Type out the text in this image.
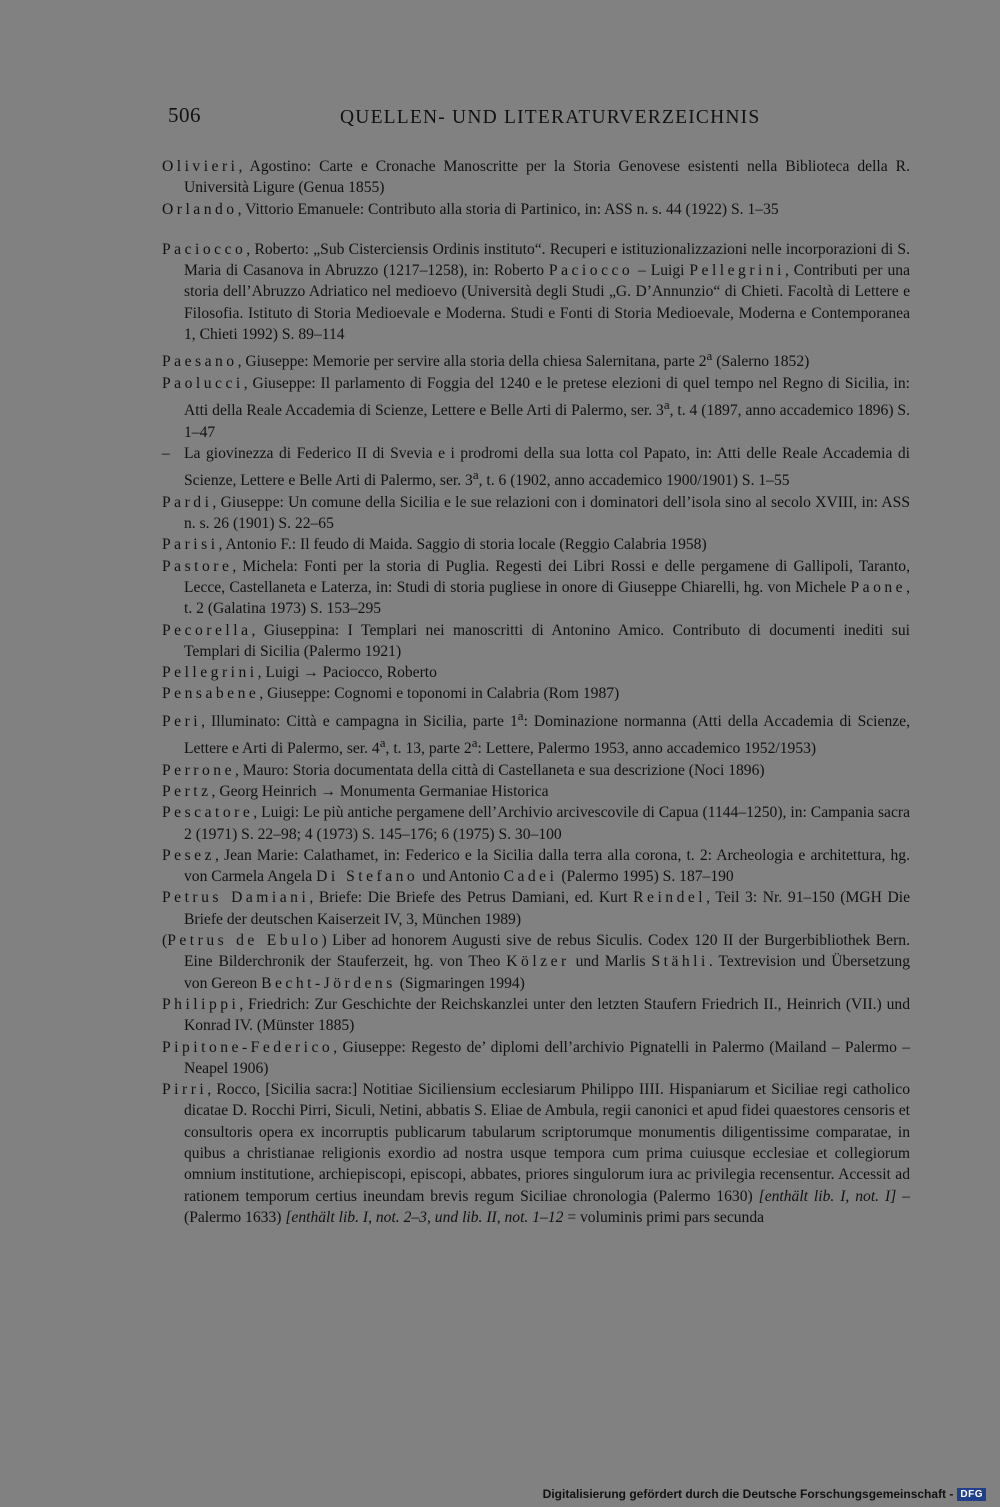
506	QUELLEN- UND LITERATURVERZEICHNIS
Olivieri, Agostino: Carte e Cronache Manoscritte per la Storia Genovese esistenti nella Biblioteca della R. Università Ligure (Genua 1855)
Orlando, Vittorio Emanuele: Contributo alla storia di Partinico, in: ASS n. s. 44 (1922) S. 1–35
Paciocco, Roberto: „Sub Cisterciensis Ordinis instituto“. Recuperi e istituzionalizzazioni nelle incorporazioni di S. Maria di Casanova in Abruzzo (1217–1258), in: Roberto Paciocco – Luigi Pellegrini, Contributi per una storia dell’Abruzzo Adriatico nel medioevo (Università degli Studi „G. D’Annunzio“ di Chieti. Facoltà di Lettere e Filosofia. Istituto di Storia Medioevale e Moderna. Studi e Fonti di Storia Medioevale, Moderna e Contemporanea 1, Chieti 1992) S. 89–114
Paesano, Giuseppe: Memorie per servire alla storia della chiesa Salernitana, parte 2$^a$ (Salerno 1852)
Paolucci, Giuseppe: Il parlamento di Foggia del 1240 e le pretese elezioni di quel tempo nel Regno di Sicilia, in: Atti della Reale Accademia di Scienze, Lettere e Belle Arti di Palermo, ser. 3$^a$, t. 4 (1897, anno accademico 1896) S. 1–47
– La giovinezza di Federico II di Svevia e i prodromi della sua lotta col Papato, in: Atti delle Reale Accademia di Scienze, Lettere e Belle Arti di Palermo, ser. 3$^a$, t. 6 (1902, anno accademico 1900/1901) S. 1–55
Pardi, Giuseppe: Un comune della Sicilia e le sue relazioni con i dominatori dell’isola sino al secolo XVIII, in: ASS n. s. 26 (1901) S. 22–65
Parisi, Antonio F.: Il feudo di Maida. Saggio di storia locale (Reggio Calabria 1958)
Pastore, Michela: Fonti per la storia di Puglia. Regesti dei Libri Rossi e delle pergamene di Gallipoli, Taranto, Lecce, Castellaneta e Laterza, in: Studi di storia pugliese in onore di Giuseppe Chiarelli, hg. von Michele Paone, t. 2 (Galatina 1973) S. 153–295
Pecorella, Giuseppina: I Templari nei manoscritti di Antonino Amico. Contributo di documenti inediti sui Templari di Sicilia (Palermo 1921)
Pellegrini, Luigi → Paciocco, Roberto
Pensabene, Giuseppe: Cognomi e toponomi in Calabria (Rom 1987)
Peri, Illuminato: Città e campagna in Sicilia, parte 1$^a$: Dominazione normanna (Atti della Accademia di Scienze, Lettere e Arti di Palermo, ser. 4$^a$, t. 13, parte 2$^a$: Lettere, Palermo 1953, anno accademico 1952/1953)
Perrone, Mauro: Storia documentata della città di Castellaneta e sua descrizione (Noci 1896)
Pertz, Georg Heinrich → Monumenta Germaniae Historica
Pescatore, Luigi: Le più antiche pergamene dell’Archivio arcivescovile di Capua (1144–1250), in: Campania sacra 2 (1971) S. 22–98; 4 (1973) S. 145–176; 6 (1975) S. 30–100
Pesez, Jean Marie: Calathamet, in: Federico e la Sicilia dalla terra alla corona, t. 2: Archeologia e architettura, hg. von Carmela Angela Di Stefano und Antonio Cadei (Palermo 1995) S. 187–190
Petrus Damiani, Briefe: Die Briefe des Petrus Damiani, ed. Kurt Reindel, Teil 3: Nr. 91–150 (MGH Die Briefe der deutschen Kaiserzeit IV, 3, München 1989)
(Petrus de Ebulo) Liber ad honorem Augusti sive de rebus Siculis. Codex 120 II der Burgerbibliothek Bern. Eine Bilderchronik der Stauferzeit, hg. von Theo Kölzer und Marlis Stähli. Textrevision und Übersetzung von Gereon Becht-Jördens (Sigmaringen 1994)
Philippi, Friedrich: Zur Geschichte der Reichskanzlei unter den letzten Staufern Friedrich II., Heinrich (VII.) und Konrad IV. (Münster 1885)
Pipitone-Federico, Giuseppe: Regesto de’ diplomi dell’archivio Pignatelli in Palermo (Mailand – Palermo – Neapel 1906)
Pirri, Rocco, [Sicilia sacra:] Notitiae Siciliensium ecclesiarum Philippo IIII. Hispaniarum et Siciliae regi catholico dicatae D. Rocchi Pirri, Siculi, Netini, abbatis S. Eliae de Ambula, regii canonici et apud fidei quaestores censoris et consultoris opera ex incorruptis publicarum tabularum scriptorumque monumentis diligentissime comparatae, in quibus a christianae religionis exordio ad nostra usque tempora cum prima cuiusque ecclesiae et collegiorum omnium institutione, archiepiscopi, episcopi, abbates, priores singulorum iura ac privilegia recensentur. Accessit ad rationem temporum certius ineundam brevis regum Siciliae chronologia (Palermo 1630) [enthält lib. I, not. I] – (Palermo 1633) [enthält lib. I, not. 2–3, und lib. II, not. 1–12 = voluminis primi pars secunda
Digitalisierung gefördert durch die Deutsche Forschungsgemeinschaft - DFG
